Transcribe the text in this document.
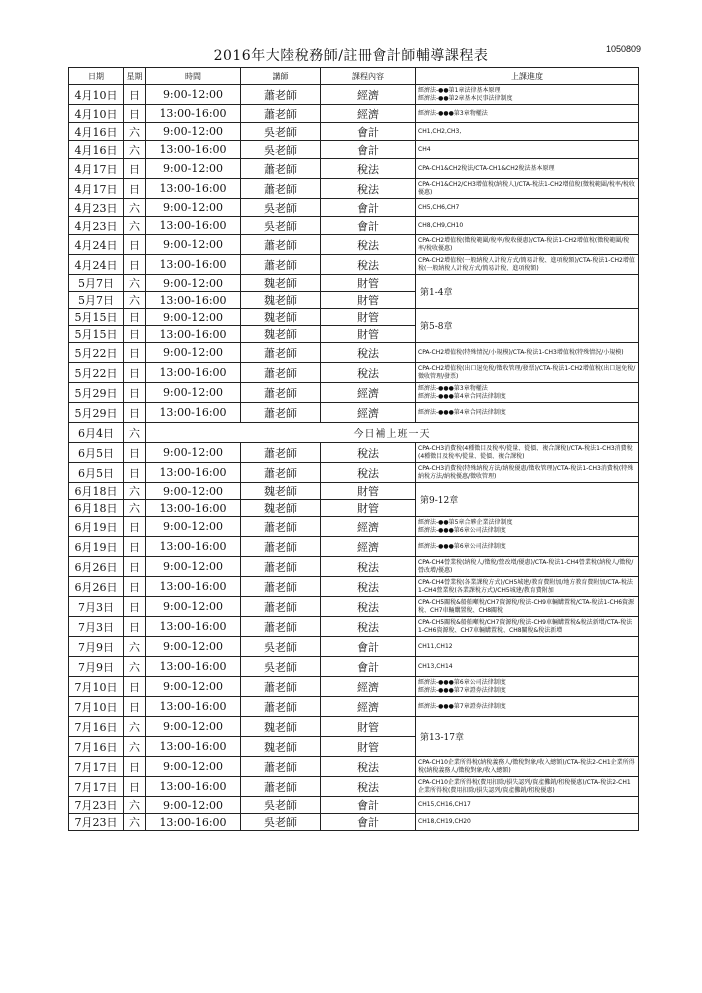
2016年大陸稅務師/註冊會計師輔導課程表	1050809
日期	星期	時間	講師	課程內容	上課進度
4月10日	日	9:00-12:00	蕭老師	經濟	經濟法-●●第1章法律基本原理
經濟法-●●第2章基本民事法律制度
4月10日	日	13:00-16:00	蕭老師	經濟	經濟法-●●●第3章物權法
4月16日	六	9:00-12:00	吳老師	會計	CH1,CH2,CH3,
4月16日	六	13:00-16:00	吳老師	會計	CH4
4月17日	日	9:00-12:00	蕭老師	稅法	CPA-CH1&CH2稅法/CTA-CH1&CH2稅法基本原理
4月17日	日	13:00-16:00	蕭老師	稅法	CPA-CH1&CH2/CH3增值稅(納稅人)/CTA-稅法1-CH2增值稅(徵稅範圍/稅率/稅收優惠)
4月23日	六	9:00-12:00	吳老師	會計	CH5,CH6,CH7
4月23日	六	13:00-16:00	吳老師	會計	CH8,CH9,CH10
4月24日	日	9:00-12:00	蕭老師	稅法	CPA-CH2增值稅(徵稅範圍/稅率/稅收優惠)/CTA-稅法1-CH2增值稅(徵稅範圍/稅率/稅收優惠)
4月24日	日	13:00-16:00	蕭老師	稅法	CPA-CH2增值稅(一般納稅人計稅方式/簡易計稅、進項稅額)/CTA-稅法1-CH2增值稅(一般納稅人計稅方式/簡易計稅、進項稅額)
5月7日	六	9:00-12:00	魏老師	財管	第1-4章
5月7日	六	13:00-16:00	魏老師	財管	
5月15日	日	9:00-12:00	魏老師	財管	第5-8章
5月15日	日	13:00-16:00	魏老師	財管	
5月22日	日	9:00-12:00	蕭老師	稅法	CPA-CH2增值稅(特殊情況/小規模)/CTA-稅法1-CH3增值稅(特殊情況/小規模)
5月22日	日	13:00-16:00	蕭老師	稅法	CPA-CH2增值稅(出口退免稅/徵收管理/發票)/CTA-稅法1-CH2增值稅(出口退免稅/徵收管理/發票)
5月29日	日	9:00-12:00	蕭老師	經濟	經濟法-●●●第3章物權法
經濟法-●●●第4章合同法律制度
5月29日	日	13:00-16:00	蕭老師	經濟	經濟法-●●●第4章合同法律制度
6月4日	六	今日補上班一天			
6月5日	日	9:00-12:00	蕭老師	稅法	CPA-CH3消費稅(4種徵目及稅率/從量、從價、複合課稅)/CTA-稅法1-CH3消費稅(4種徵目及稅率/從量、從價、複合課稅)
6月5日	日	13:00-16:00	蕭老師	稅法	CPA-CH3消費稅(特殊納稅方法/納稅優惠/徵收管理)/CTA-稅法1-CH3消費稅(特殊納稅方法/納稅優惠/徵收管理)
6月18日	六	9:00-12:00	魏老師	財管	第9-12章
6月18日	六	13:00-16:00	魏老師	財管	
6月19日	日	9:00-12:00	蕭老師	經濟	經濟法-●●第5章合夥企業法律制度
經濟法-●●●第6章公司法律制度
6月19日	日	13:00-16:00	蕭老師	經濟	經濟法-●●●第6章公司法律制度
6月26日	日	9:00-12:00	蕭老師	稅法	CPA-CH4營業稅(納稅人/徵稅/營改增/優惠)/CTA-稅法1-CH4營業稅(納稅人/徵稅/營改增/優惠)
6月26日	日	13:00-16:00	蕭老師	稅法	CPA-CH4營業稅(各業課稅方式)/CH5城建/教育費附加/地方教育費附加/CTA-稅法1-CH4營業稅(各業課稅方式)/CH5城建/教育費附加
7月3日	日	9:00-12:00	蕭老師	稅法	CPA-CH5關稅&船舶噸稅/CH7資源稅/稅法-CH9車輛購置稅/CTA-稅法1-CH6資源稅、CH7車輛購置稅、CH8關稅
7月3日	日	13:00-16:00	蕭老師	稅法	CPA-CH5關稅&船舶噸稅/CH7資源稅/稅法-CH9車輛購置稅&稅法新增/CTA-稅法1-CH6資源稅、CH7車輛購置稅、CH8關稅&稅法新增
7月9日	六	9:00-12:00	吳老師	會計	CH11,CH12
7月9日	六	13:00-16:00	吳老師	會計	CH13,CH14
7月10日	日	9:00-12:00	蕭老師	經濟	經濟法-●●●第6章公司法律制度
經濟法-●●●第7章證券法律制度
7月10日	日	13:00-16:00	蕭老師	經濟	經濟法-●●●第7章證券法律制度
7月16日	六	9:00-12:00	魏老師	財管	第13-17章
7月16日	六	13:00-16:00	魏老師	財管	
7月17日	日	9:00-12:00	蕭老師	稅法	CPA-CH10企業所得稅(納稅義務人/徵稅對象/收入總額)/CTA-稅法2-CH1企業所得稅(納稅義務人/徵稅對象/收入總額)
7月17日	日	13:00-16:00	蕭老師	稅法	CPA-CH10企業所得稅(費用扣除/損失認列/資產攤銷/租稅優惠)/CTA-稅法2-CH1企業所得稅(費用扣除/損失認列/資產攤銷/租稅優惠)
7月23日	六	9:00-12:00	吳老師	會計	CH15,CH16,CH17
7月23日	六	13:00-16:00	吳老師	會計	CH18,CH19,CH20
